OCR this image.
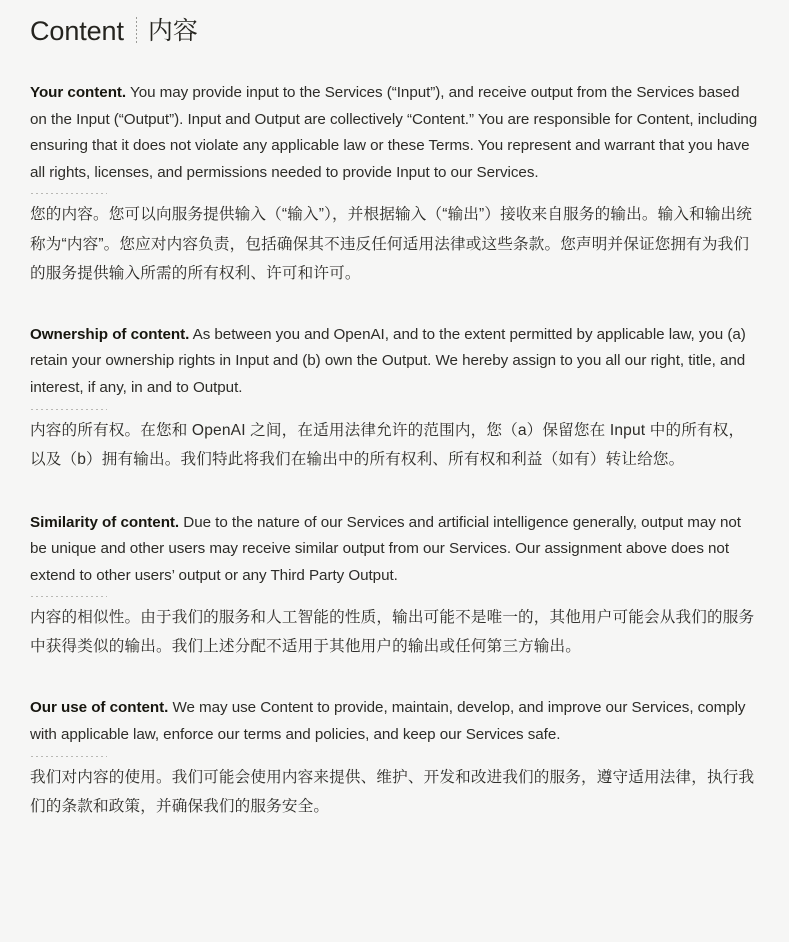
Content 内容

Your content. You may provide input to the Services (“Input”), and receive output from the Services based on the Input (“Output”). Input and Output are collectively “Content.” You are responsible for Content, including ensuring that it does not violate any applicable law or these Terms. You represent and warrant that you have all rights, licenses, and permissions needed to provide Input to our Services.

您的内容。您可以向服务提供输入（“输入”），并根据输入（“输出”）接收来自服务的输出。输入和输出统称为“内容”。您应对内容负责，包括确保其不违反任何适用法律或这些条款。您声明并保证您拥有为我们的服务提供输入所需的所有权利、许可和许可。

Ownership of content. As between you and OpenAI, and to the extent permitted by applicable law, you (a) retain your ownership rights in Input and (b) own the Output. We hereby assign to you all our right, title, and interest, if any, in and to Output.

内容的所有权。在您和 OpenAI 之间，在适用法律允许的范围内，您（a）保留您在 Input 中的所有权，以及（b）拥有输出。我们特此将我们在输出中的所有权利、所有权和利益（如有）转让给您。

Similarity of content. Due to the nature of our Services and artificial intelligence generally, output may not be unique and other users may receive similar output from our Services. Our assignment above does not extend to other users’ output or any Third Party Output.

内容的相似性。由于我们的服务和人工智能的性质，输出可能不是唯一的，其他用户可能会从我们的服务中获得类似的输出。我们上述分配不适用于其他用户的输出或任何第三方输出。

Our use of content. We may use Content to provide, maintain, develop, and improve our Services, comply with applicable law, enforce our terms and policies, and keep our Services safe.

我们对内容的使用。我们可能会使用内容来提供、维护、开发和改进我们的服务，遵守适用法律，执行我们的条款和政策，并确保我们的服务安全。
